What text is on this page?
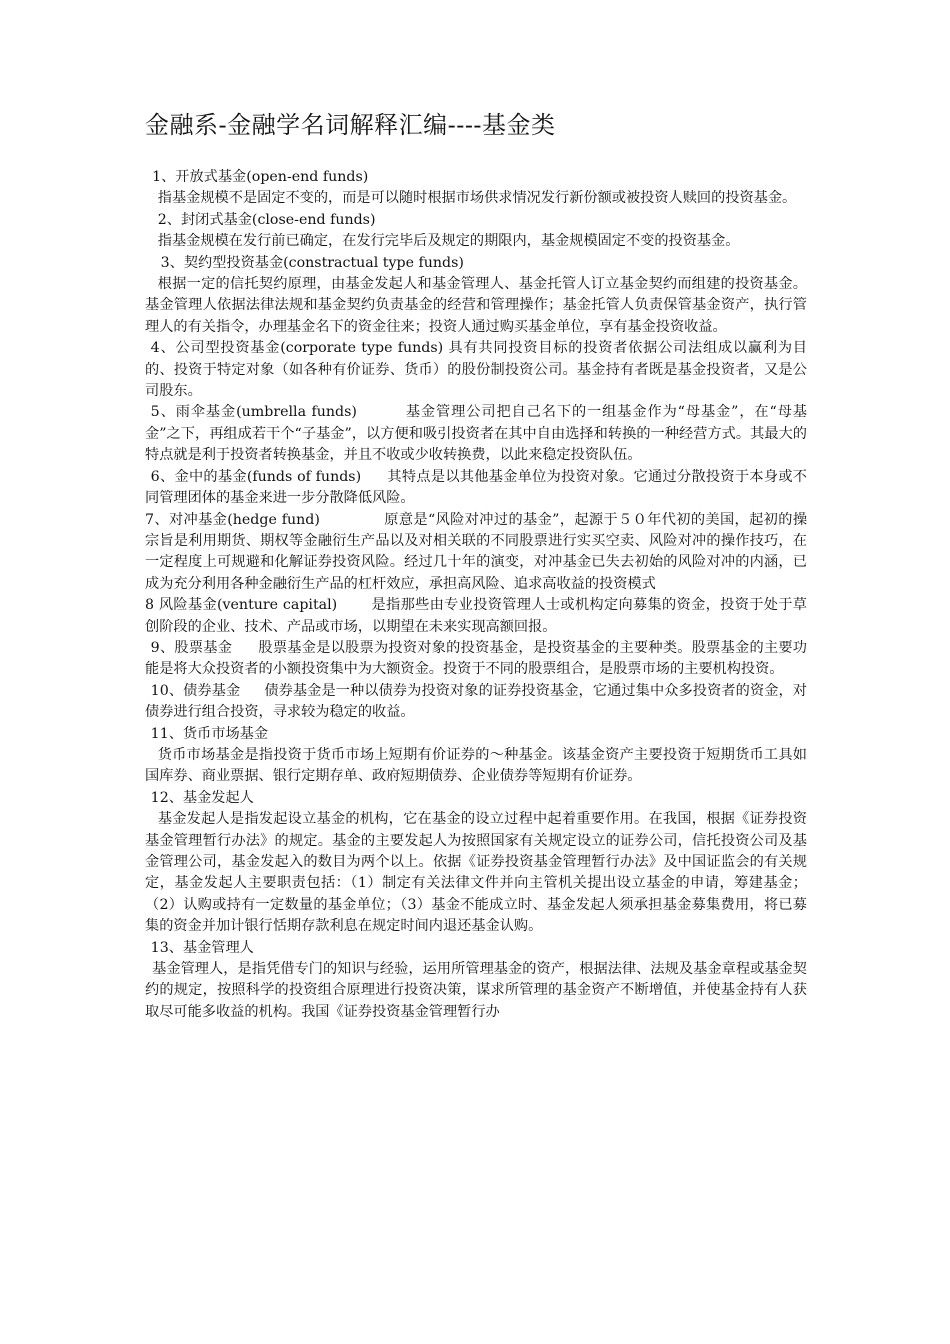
金融系-金融学名词解释汇编----基金类

1、开放式基金(open-end funds)

指基金规模不是固定不变的，而是可以随时根据市场供求情况发行新份额或被投资人赎回的投资基金。

2、封闭式基金(close-end funds)

指基金规模在发行前已确定，在发行完毕后及规定的期限内，基金规模固定不变的投资基金。

3、契约型投资基金(constractual type funds)

根据一定的信托契约原理，由基金发起人和基金管理人、基金托管人订立基金契约而组建的投资基金。基金管理人依据法律法规和基金契约负责基金的经营和管理操作；基金托管人负责保管基金资产，执行管理人的有关指令，办理基金名下的资金往来；投资人通过购买基金单位，享有基金投资收益。

4、公司型投资基金(corporate type funds) 具有共同投资目标的投资者依据公司法组成以赢利为目的、投资于特定对象（如各种有价证券、货币）的股份制投资公司。基金持有者既是基金投资者，又是公司股东。

5、雨伞基金(umbrella funds)	基金管理公司把自己名下的一组基金作为“母基金”，在“母基金”之下，再组成若干个“子基金”，以方便和吸引投资者在其中自由选择和转换的一种经营方式。其最大的特点就是利于投资者转换基金，并且不收或少收转换费，以此来稳定投资队伍。

6、金中的基金(funds of funds) 其特点是以其他基金单位为投资对象。它通过分散投资于本身或不同管理团体的基金来进一步分散降低风险。

7、对冲基金(hedge fund)	原意是“风险对冲过的基金”，起源于５０年代初的美国，起初的操宗旨是利用期货、期权等金融衍生产品以及对相关联的不同股票进行实买空卖、风险对冲的操作技巧，在一定程度上可规避和化解证券投资风险。经过几十年的演变，对冲基金已失去初始的风险对冲的内涵，已成为充分利用各种金融衍生产品的杠杆效应，承担高风险、追求高收益的投资模式

8 风险基金(venture capital) 是指那些由专业投资管理人士或机构定向募集的资金，投资于处于草创阶段的企业、技术、产品或市场，以期望在未来实现高额回报。

9、股票基金 股票基金是以股票为投资对象的投资基金，是投资基金的主要种类。股票基金的主要功能是将大众投资者的小额投资集中为大额资金。投资于不同的股票组合，是股票市场的主要机构投资。

10、债券基金 债券基金是一种以债券为投资对象的证券投资基金，它通过集中众多投资者的资金，对债券进行组合投资，寻求较为稳定的收益。

11、货币市场基金

货币市场基金是指投资于货币市场上短期有价证券的～种基金。该基金资产主要投资于短期货币工具如国库券、商业票据、银行定期存单、政府短期债券、企业债券等短期有价证券。

12、基金发起人

基金发起人是指发起设立基金的机构，它在基金的设立过程中起着重要作用。在我国，根据《证券投资基金管理暂行办法》的规定。基金的主要发起人为按照国家有关规定设立的证券公司，信托投资公司及基金管理公司，基金发起入的数目为两个以上。依据《证券投资基金管理暂行办法》及中国证监会的有关规定，基金发起人主要职责包括：（1）制定有关法律文件并向主管机关提出设立基金的申请，筹建基金；（2）认购或持有一定数量的基金单位；（3）基金不能成立时、基金发起人须承担基金募集费用，将已募集的资金并加计银行恬期存款利息在规定时间内退还基金认购。

13、基金管理人

基金管理人，是指凭借专门的知识与经验，运用所管理基金的资产，根据法律、法规及基金章程或基金契约的规定，按照科学的投资组合原理进行投资决策，谋求所管理的基金资产不断增值，并使基金持有人获取尽可能多收益的机构。我国《证券投资基金管理暂行办
